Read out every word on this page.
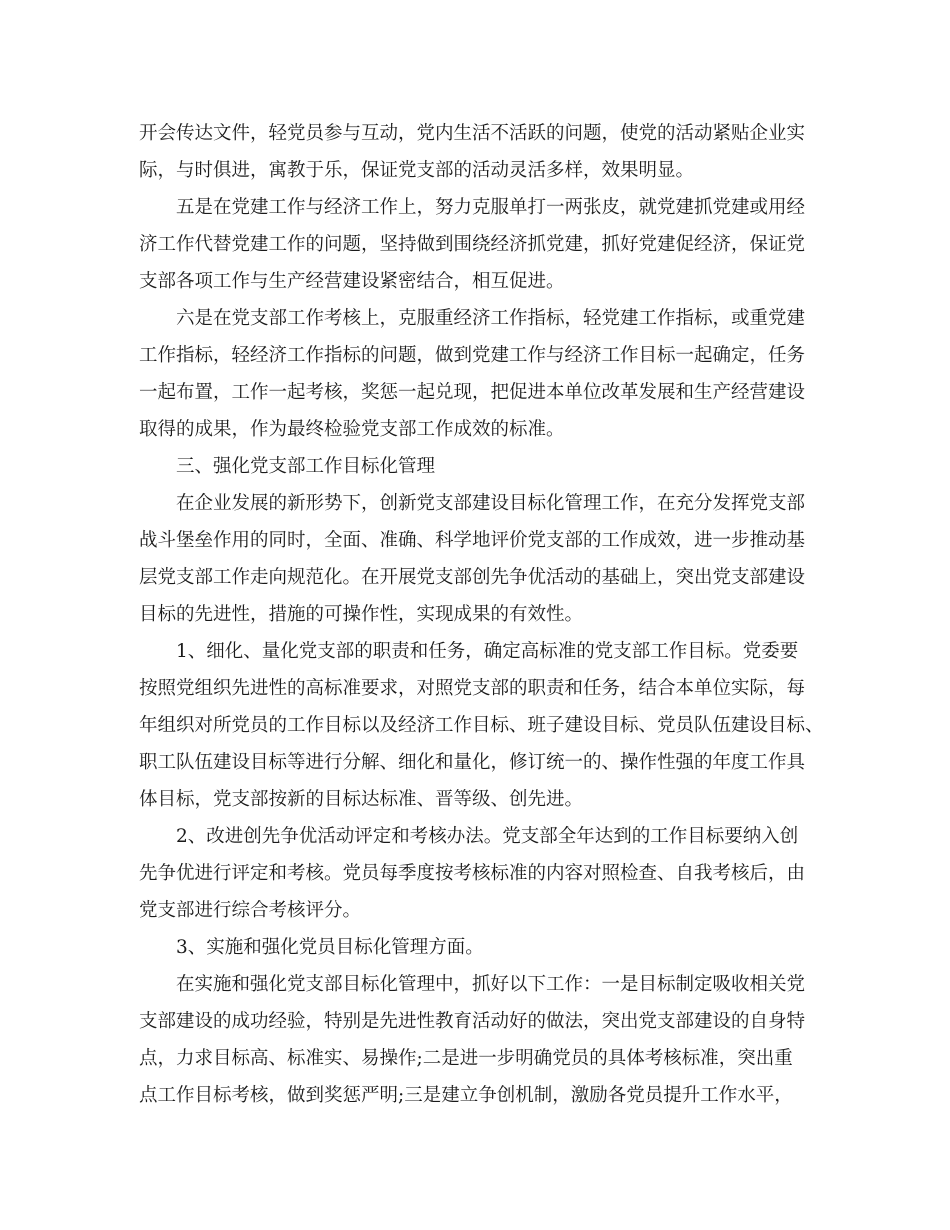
开会传达文件，轻党员参与互动，党内生活不活跃的问题，使党的活动紧贴企业实
际，与时俱进，寓教于乐，保证党支部的活动灵活多样，效果明显。
五是在党建工作与经济工作上，努力克服单打一两张皮，就党建抓党建或用经
济工作代替党建工作的问题，坚持做到围绕经济抓党建，抓好党建促经济，保证党
支部各项工作与生产经营建设紧密结合，相互促进。
六是在党支部工作考核上，克服重经济工作指标，轻党建工作指标，或重党建
工作指标，轻经济工作指标的问题，做到党建工作与经济工作目标一起确定，任务
一起布置，工作一起考核，奖惩一起兑现，把促进本单位改革发展和生产经营建设
取得的成果，作为最终检验党支部工作成效的标准。
三、强化党支部工作目标化管理
在企业发展的新形势下，创新党支部建设目标化管理工作，在充分发挥党支部
战斗堡垒作用的同时，全面、准确、科学地评价党支部的工作成效，进一步推动基
层党支部工作走向规范化。在开展党支部创先争优活动的基础上，突出党支部建设
目标的先进性，措施的可操作性，实现成果的有效性。
1、细化、量化党支部的职责和任务，确定高标准的党支部工作目标。党委要
按照党组织先进性的高标准要求，对照党支部的职责和任务，结合本单位实际，每
年组织对所党员的工作目标以及经济工作目标、班子建设目标、党员队伍建设目标、
职工队伍建设目标等进行分解、细化和量化，修订统一的、操作性强的年度工作具
体目标，党支部按新的目标达标准、晋等级、创先进。
2、改进创先争优活动评定和考核办法。党支部全年达到的工作目标要纳入创
先争优进行评定和考核。党员每季度按考核标准的内容对照检查、自我考核后，由
党支部进行综合考核评分。
3、实施和强化党员目标化管理方面。
在实施和强化党支部目标化管理中，抓好以下工作：一是目标制定吸收相关党
支部建设的成功经验，特别是先进性教育活动好的做法，突出党支部建设的自身特
点，力求目标高、标准实、易操作;二是进一步明确党员的具体考核标准，突出重
点工作目标考核，做到奖惩严明;三是建立争创机制，激励各党员提升工作水平，
